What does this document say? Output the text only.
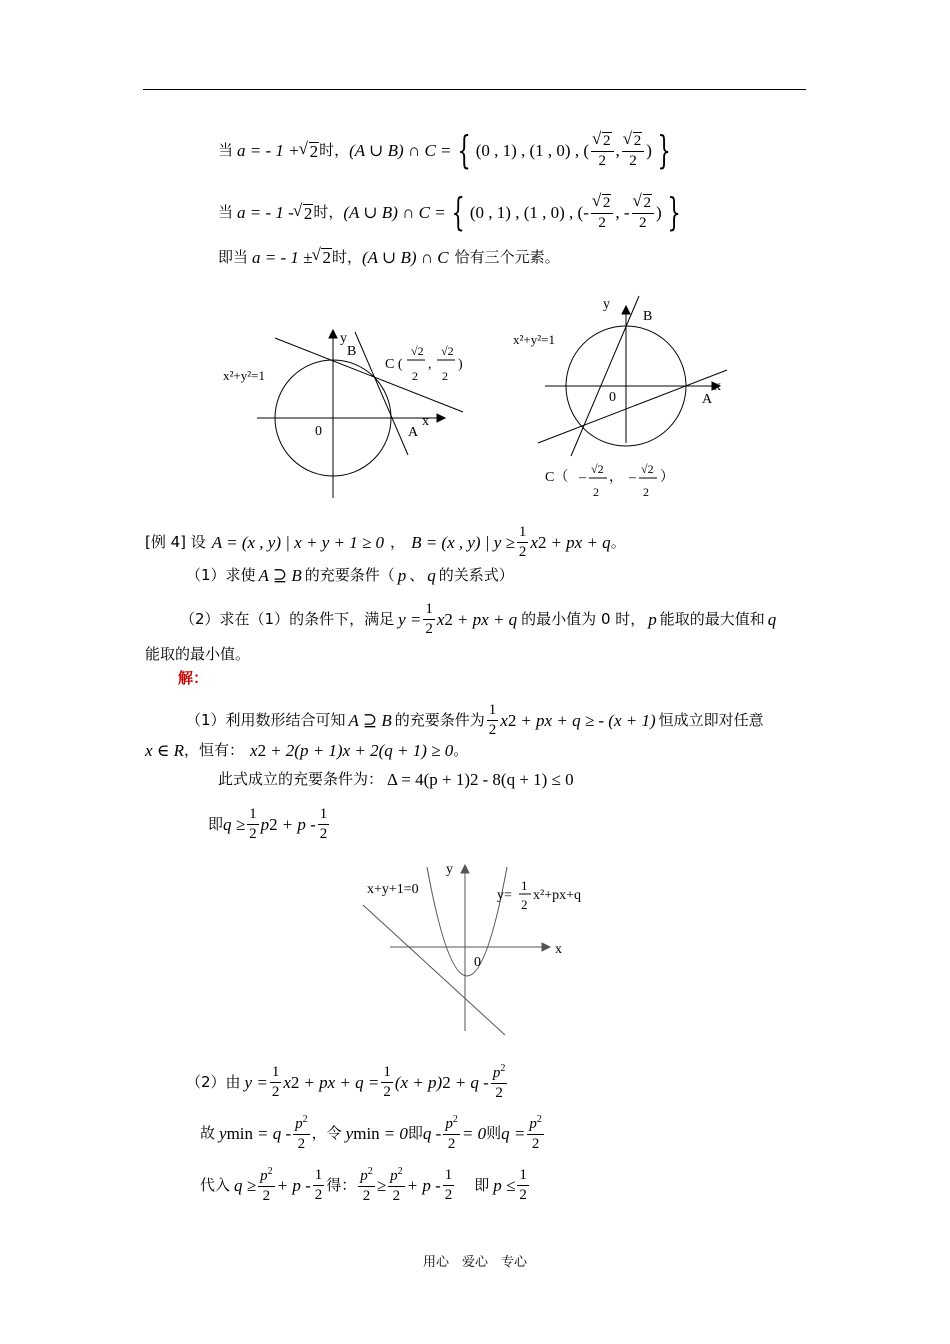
当 a = - 1 + √ 2 时， (A ∪ B) ∩ C = { (0 , 1) , (1 , 0) , ( √ $\frac{2}{2}$ , √ $\frac{2}{2}$ ) }
当 a = - 1 - √ 2 时， (A ∪ B) ∩ C = { (0 , 1) , (1 , 0) , (- √ $\frac{2}{2}$ , - √ $\frac{2}{2}$ ) }
即当 a = - 1 ± √ 2 时， (A ∪ B) ∩ C 恰有三个元素。
x²+y²=1
y
x
0
B
A
C (
√2
2
,
√2
2
)
x²+y²=1
y
x
0
B
A
C（ –
√2
2
， –
√2
2
）
[例 4] 设 A = (x , y) | x + y + 1 ≥ 0 ， B = (x , y) | $y \ge \frac{1}{2}$ x 2 + px + q 。
（1）求使 A ⊇ B 的充要条件（ p 、 q 的关系式）
（2）求在（1）的条件下，满足 $y = \frac{1}{2}$ x 2 + px + q 的最小值为 0 时， p 能取的最大值和 q
能取的最小值。
解：
（1）利用数形结合可知 A ⊇ B 的充要条件为 $\frac{1}{2}$ x 2 + px + q ≥ - (x + 1) 恒成立即对任意
x ∈ R ，恒有： x 2 + 2(p + 1)x + 2(q + 1) ≥ 0 。
此式成立的充要条件为： Δ = 4(p + 1) 2 - 8(q + 1) ≤ 0
即 $q \ge \frac{1}{2}$ p $2 + p - \frac{1}{2}$
x+y+1=0
y
x
0
y=
1
2
x²+px+q
（2）由 $y = \frac{1}{2}$ x 2 + px + $q = \frac{1}{2} (x + p) 2 + q - \frac{p^2}{2}$
故 y $\min = q - \frac{p^2}{2}$ ，令 y min = 0 即 $q - \frac{p^2}{2} = 0$ 则 $q = \frac{p^2}{2}$
代入 $q \ge \frac{p^2}{2} + p - \frac{1}{2}$ 得： $\frac{p^2}{2} \ge \frac{p^2}{2} + p - \frac{1}{2}$ 即 $p \le \frac{1}{2}$
用心　爱心　专心
